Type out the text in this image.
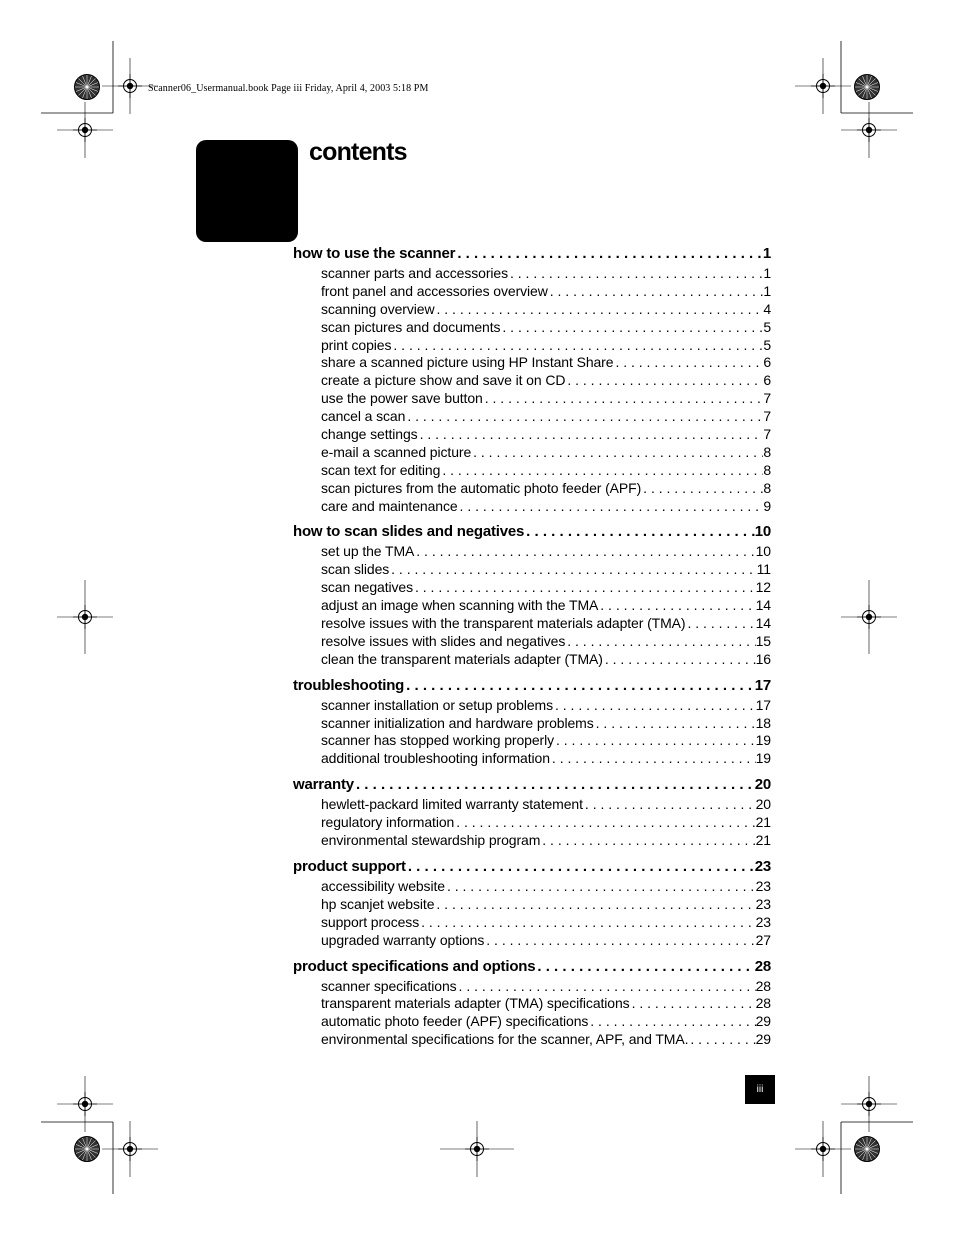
Scanner06_Usermanual.book Page iii Friday, April 4, 2003 5:18 PM
contents
how to use the scanner . . .	1
scanner parts and accessories . . .	1
front panel and accessories overview . . .	1
scanning overview . . .	4
scan pictures and documents . . .	5
print copies . . .	5
share a scanned picture using HP Instant Share . . .	6
create a picture show and save it on CD . . .	6
use the power save button . . .	7
cancel a scan . . .	7
change settings . . .	7
e-mail a scanned picture . . .	8
scan text for editing . . .	8
scan pictures from the automatic photo feeder (APF) . . .	8
care and maintenance . . .	9
how to scan slides and negatives . . .	10
set up the TMA . . .	10
scan slides . . .	11
scan negatives . . .	12
adjust an image when scanning with the TMA . . .	14
resolve issues with the transparent materials adapter (TMA) . . .	14
resolve issues with slides and negatives . . .	15
clean the transparent materials adapter (TMA) . . .	16
troubleshooting . . .	17
scanner installation or setup problems . . .	17
scanner initialization and hardware problems . . .	18
scanner has stopped working properly . . .	19
additional troubleshooting information . . .	19
warranty . . .	20
hewlett-packard limited warranty statement . . .	20
regulatory information . . .	21
environmental stewardship program . . .	21
product support . . .	23
accessibility website . . .	23
hp scanjet website . . .	23
support process . . .	23
upgraded warranty options . . .	27
product specifications and options . . .	28
scanner specifications . . .	28
transparent materials adapter (TMA) specifications . . .	28
automatic photo feeder (APF) specifications . . .	29
environmental specifications for the scanner, APF, and TMA. . . .	29
iii
